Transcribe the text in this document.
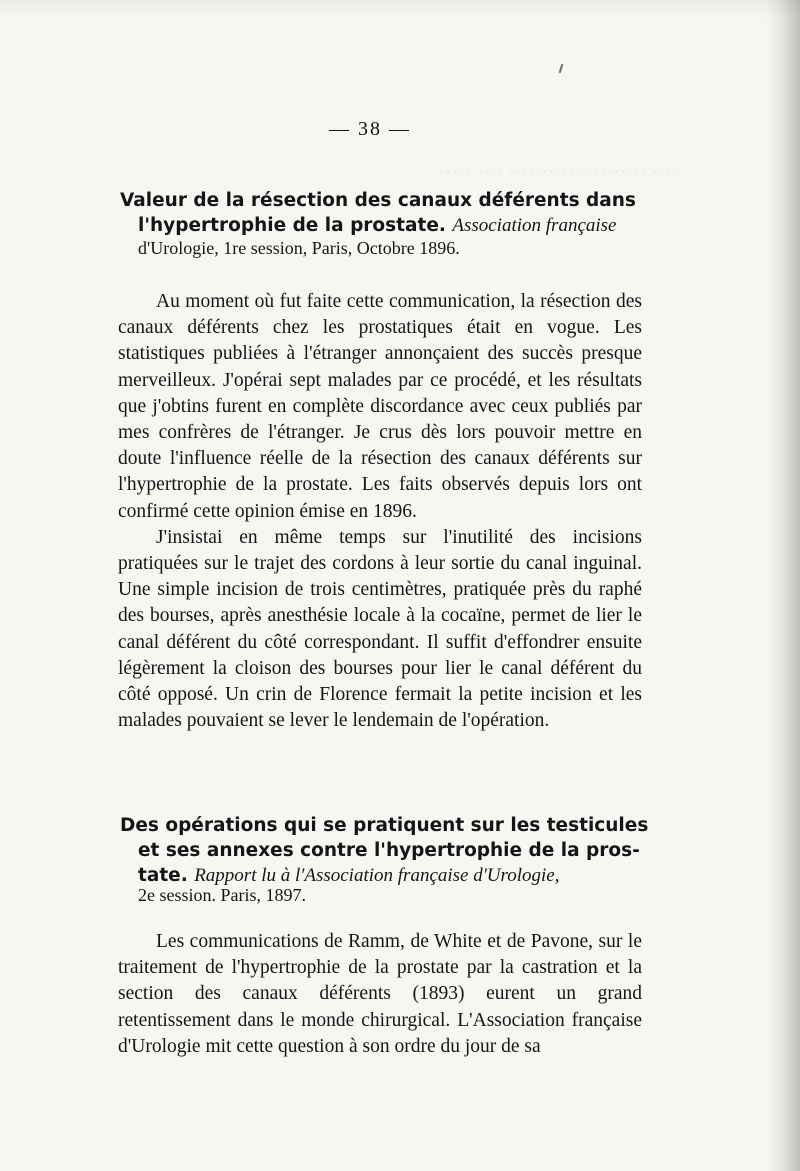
···· ········· ··········· ···· ·····
— 38 —
Valeur de la résection des canaux déférents dans
l'hypertrophie de la prostate. Association française
d'Urologie, 1re session, Paris, Octobre 1896.

Au moment où fut faite cette communication, la résection des canaux déférents chez les prostatiques était en vogue. Les statistiques publiées à l'étranger annonçaient des succès presque merveilleux. J'opérai sept malades par ce procédé, et les résultats que j'obtins furent en complète discordance avec ceux publiés par mes confrères de l'étranger. Je crus dès lors pouvoir mettre en doute l'influence réelle de la résection des canaux déférents sur l'hypertrophie de la prostate. Les faits observés depuis lors ont confirmé cette opinion émise en 1896.

J'insistai en même temps sur l'inutilité des incisions pratiquées sur le trajet des cordons à leur sortie du canal inguinal. Une simple incision de trois centimètres, pratiquée près du raphé des bourses, après anesthésie locale à la cocaïne, permet de lier le canal déférent du côté correspondant. Il suffit d'effondrer ensuite légèrement la cloison des bourses pour lier le canal déférent du côté opposé. Un crin de Florence fermait la petite incision et les malades pouvaient se lever le lendemain de l'opération.

Des opérations qui se pratiquent sur les testicules
et ses annexes contre l'hypertrophie de la pros-
tate. Rapport lu à l'Association française d'Urologie,
2e session. Paris, 1897.

Les communications de Ramm, de White et de Pavone, sur le traitement de l'hypertrophie de la prostate par la castration et la section des canaux déférents (1893) eurent un grand retentissement dans le monde chirurgical. L'Association française d'Urologie mit cette question à son ordre du jour de sa
